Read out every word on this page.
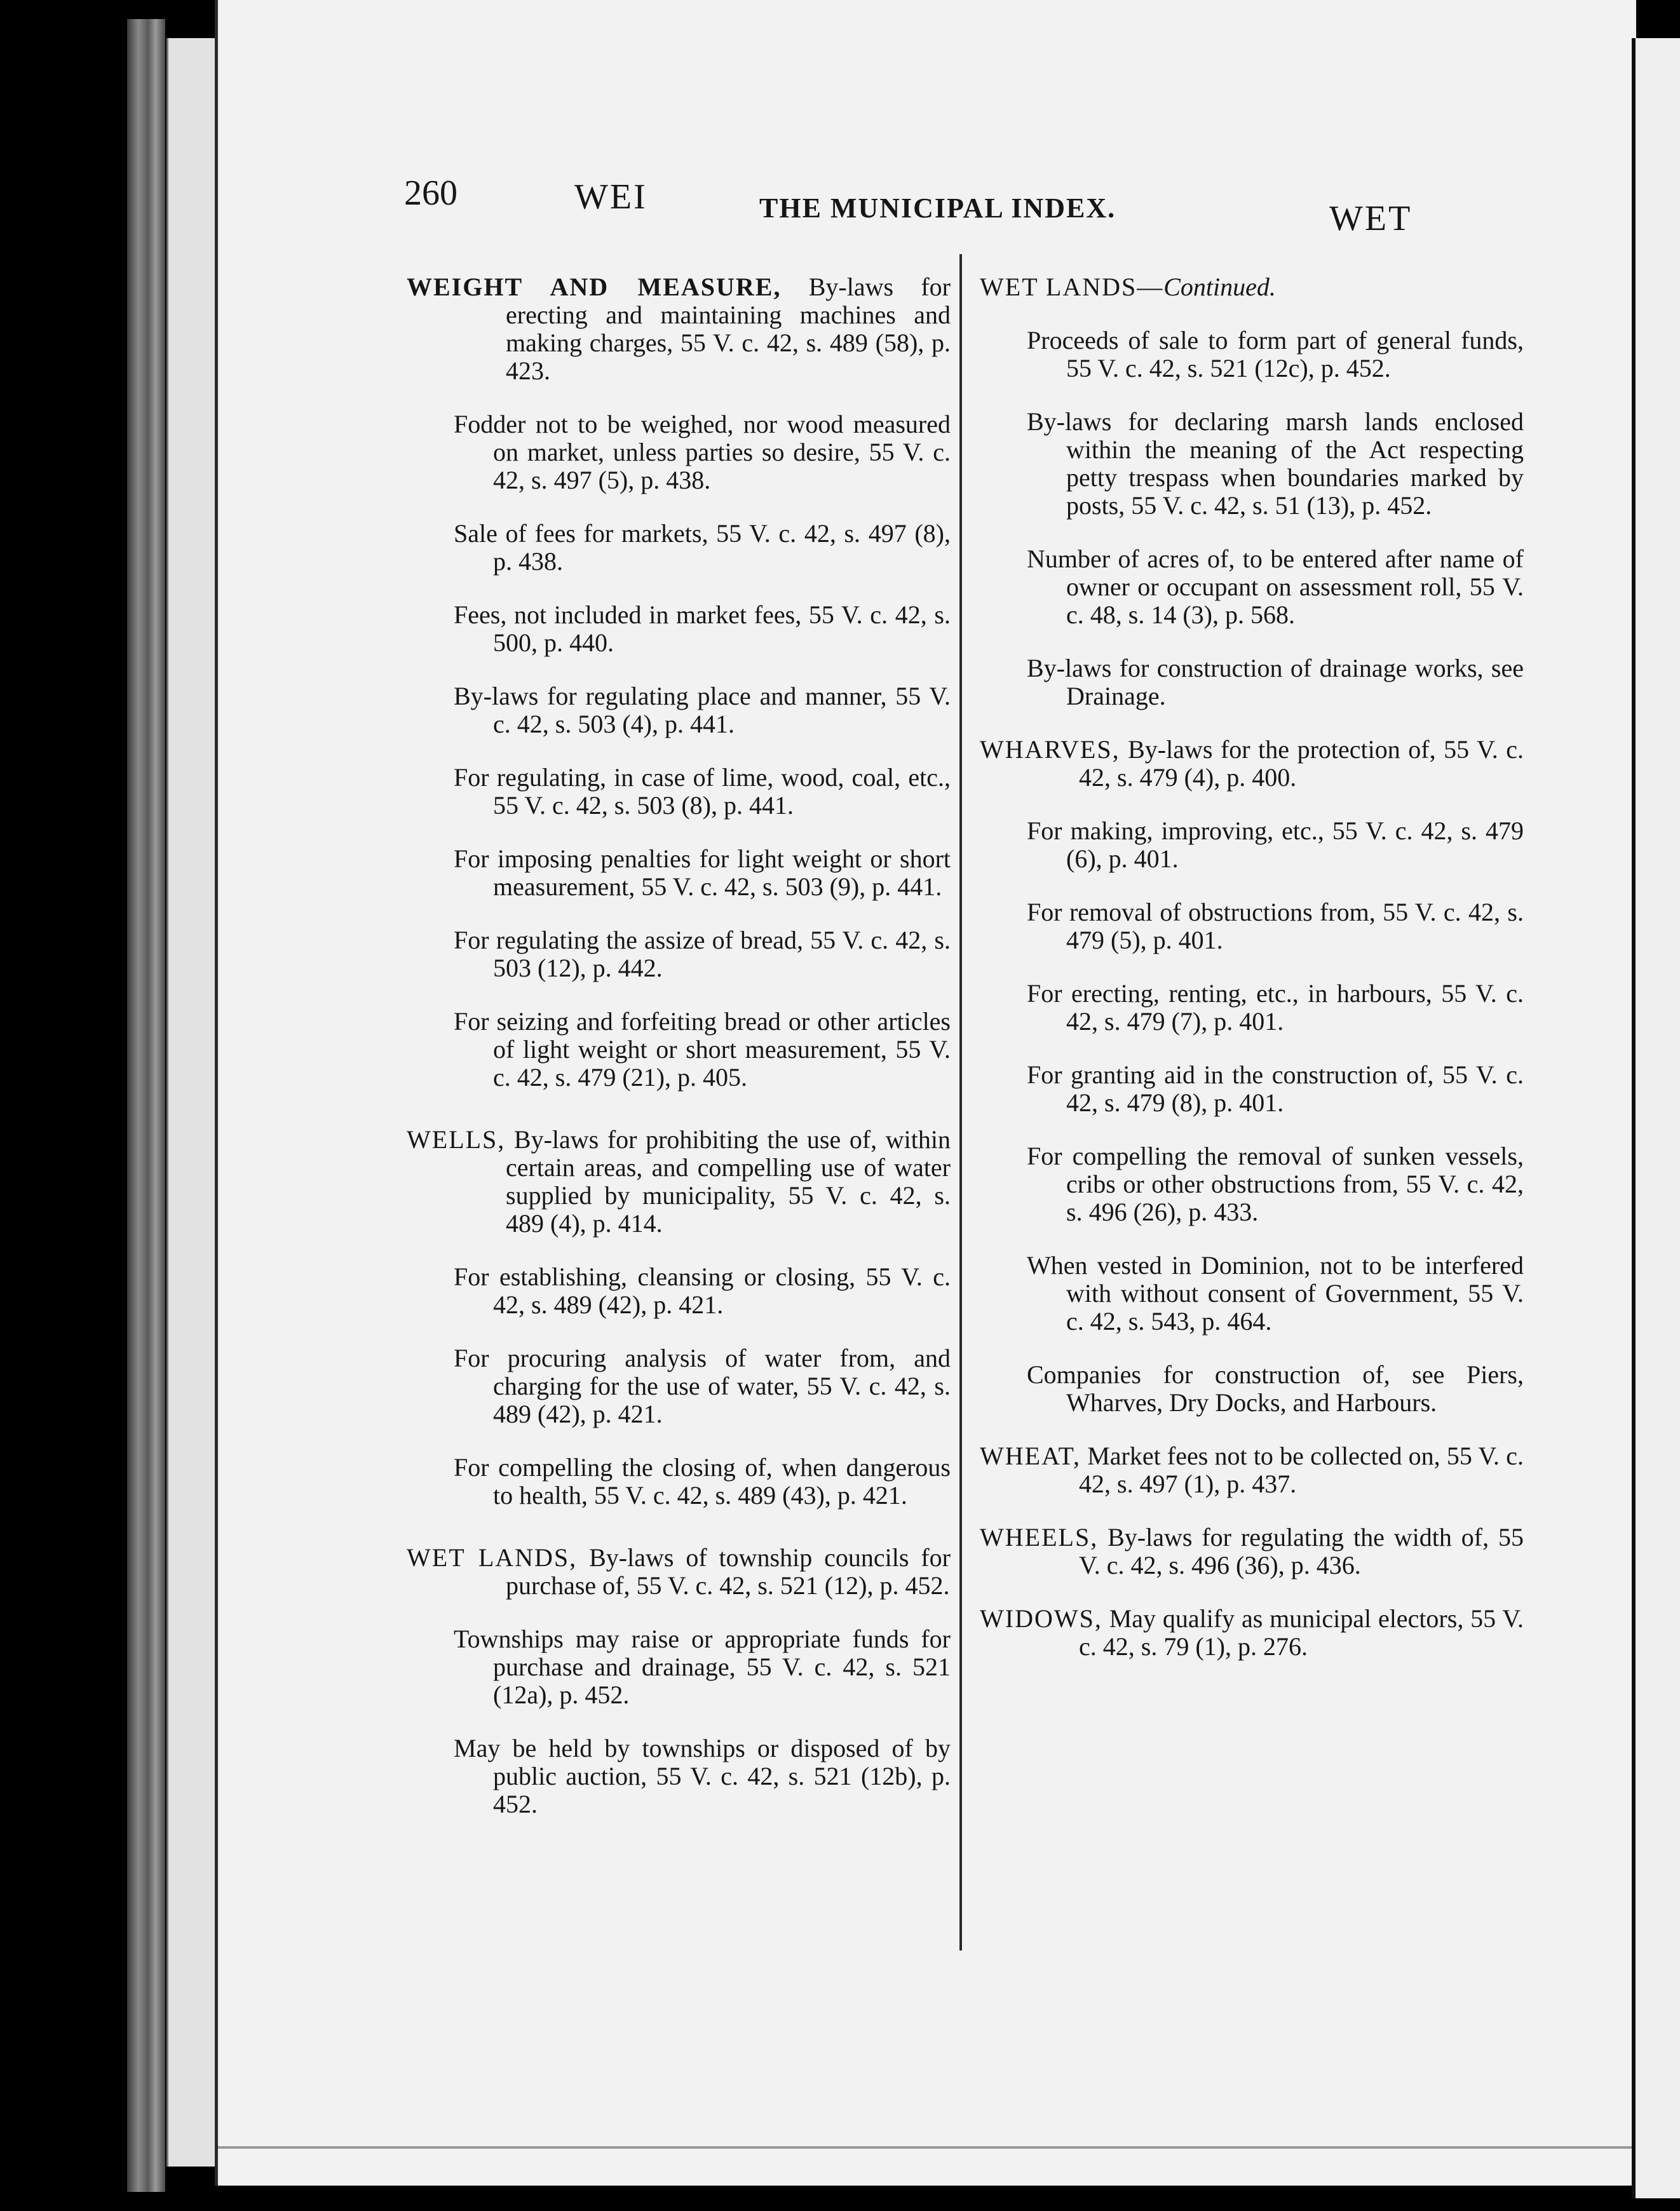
260	WEI	THE MUNICIPAL INDEX.	WET

WEIGHT AND MEASURE, By-laws for erecting and maintaining machines and making charges, 55 V. c. 42, s. 489 (58), p. 423.

Fodder not to be weighed, nor wood measured on market, unless parties so desire, 55 V. c. 42, s. 497 (5), p. 438.

Sale of fees for markets, 55 V. c. 42, s. 497 (8), p. 438.

Fees, not included in market fees, 55 V. c. 42, s. 500, p. 440.

By-laws for regulating place and manner, 55 V. c. 42, s. 503 (4), p. 441.

For regulating, in case of lime, wood, coal, etc., 55 V. c. 42, s. 503 (8), p. 441.

For imposing penalties for light weight or short measurement, 55 V. c. 42, s. 503 (9), p. 441.

For regulating the assize of bread, 55 V. c. 42, s. 503 (12), p. 442.

For seizing and forfeiting bread or other articles of light weight or short measurement, 55 V. c. 42, s. 479 (21), p. 405.

WELLS, By-laws for prohibiting the use of, within certain areas, and compelling use of water supplied by municipality, 55 V. c. 42, s. 489 (4), p. 414.

For establishing, cleansing or closing, 55 V. c. 42, s. 489 (42), p. 421.

For procuring analysis of water from, and charging for the use of water, 55 V. c. 42, s. 489 (42), p. 421.

For compelling the closing of, when dangerous to health, 55 V. c. 42, s. 489 (43), p. 421.

WET LANDS, By-laws of township councils for purchase of, 55 V. c. 42, s. 521 (12), p. 452.

Townships may raise or appropriate funds for purchase and drainage, 55 V. c. 42, s. 521 (12a), p. 452.

May be held by townships or disposed of by public auction, 55 V. c. 42, s. 521 (12b), p. 452.

WET LANDS—Continued.

Proceeds of sale to form part of general funds, 55 V. c. 42, s. 521 (12c), p. 452.

By-laws for declaring marsh lands enclosed within the meaning of the Act respecting petty trespass when boundaries marked by posts, 55 V. c. 42, s. 51 (13), p. 452.

Number of acres of, to be entered after name of owner or occupant on assessment roll, 55 V. c. 48, s. 14 (3), p. 568.

By-laws for construction of drainage works, see Drainage.

WHARVES, By-laws for the protection of, 55 V. c. 42, s. 479 (4), p. 400.

For making, improving, etc., 55 V. c. 42, s. 479 (6), p. 401.

For removal of obstructions from, 55 V. c. 42, s. 479 (5), p. 401.

For erecting, renting, etc., in harbours, 55 V. c. 42, s. 479 (7), p. 401.

For granting aid in the construction of, 55 V. c. 42, s. 479 (8), p. 401.

For compelling the removal of sunken vessels, cribs or other obstructions from, 55 V. c. 42, s. 496 (26), p. 433.

When vested in Dominion, not to be interfered with without consent of Government, 55 V. c. 42, s. 543, p. 464.

Companies for construction of, see Piers, Wharves, Dry Docks, and Harbours.

WHEAT, Market fees not to be collected on, 55 V. c. 42, s. 497 (1), p. 437.

WHEELS, By-laws for regulating the width of, 55 V. c. 42, s. 496 (36), p. 436.

WIDOWS, May qualify as municipal electors, 55 V. c. 42, s. 79 (1), p. 276.
